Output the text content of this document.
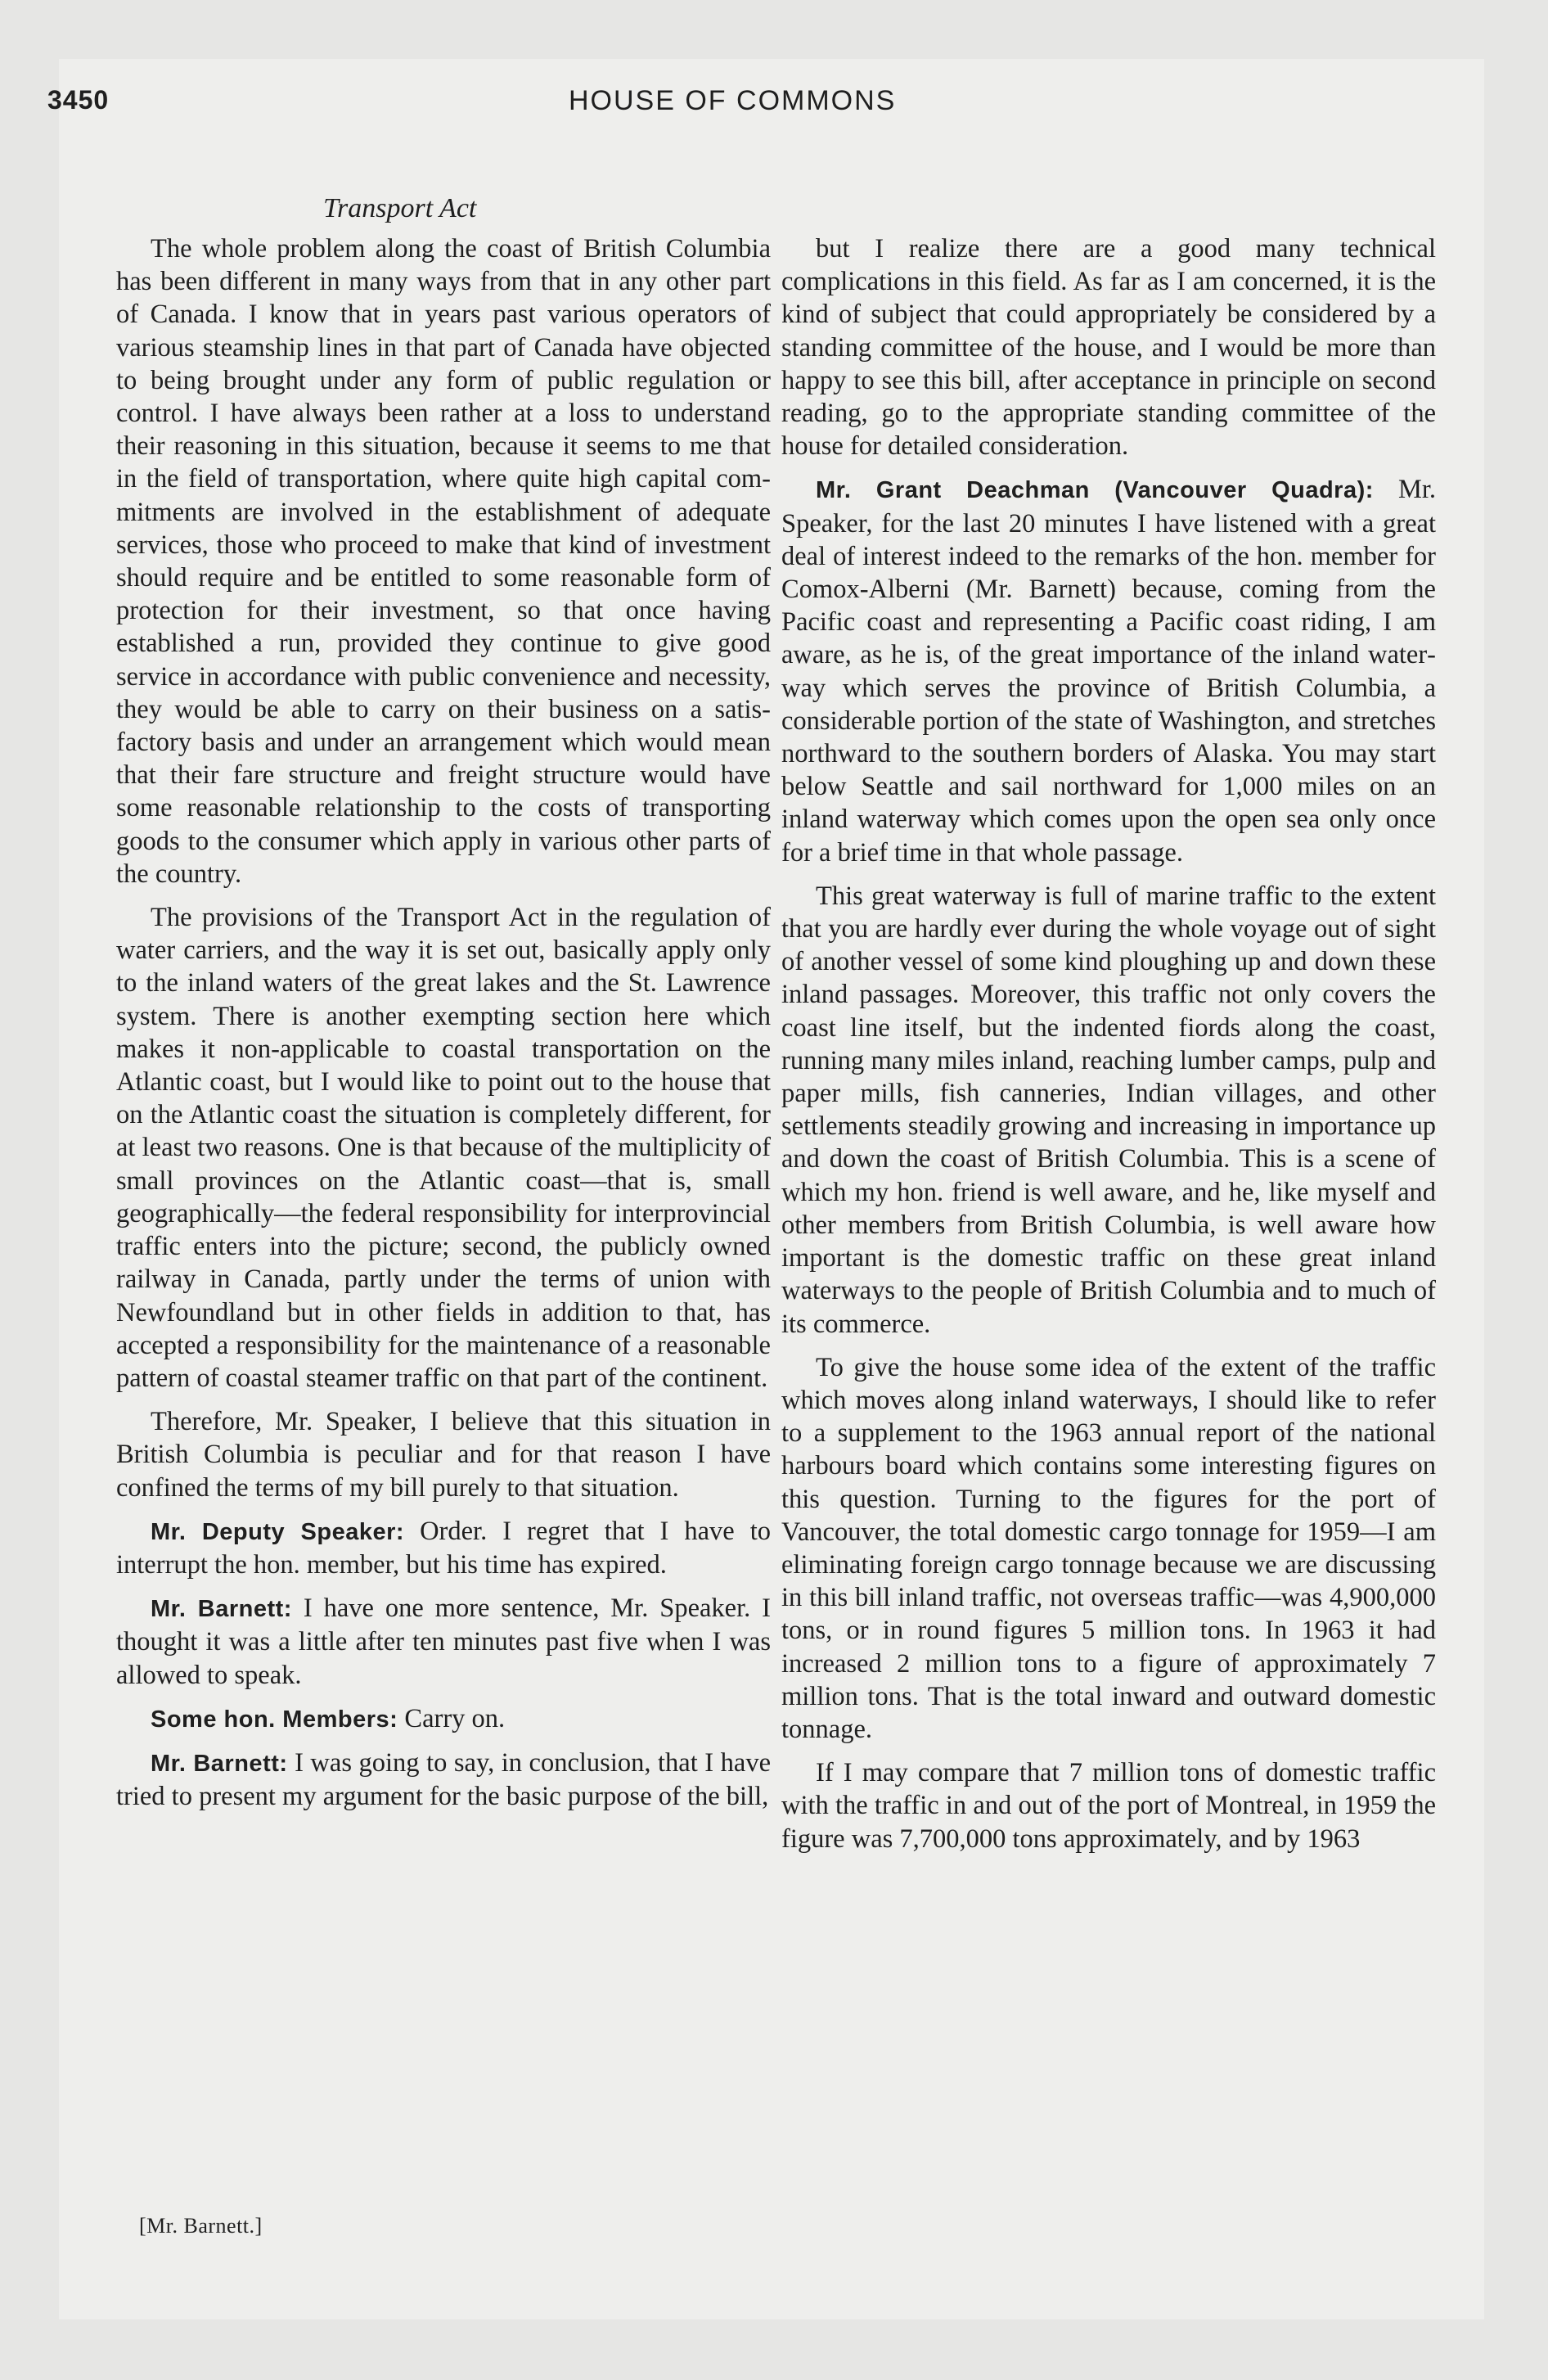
3450	HOUSE OF COMMONS
Transport Act

The whole problem along the coast of British Columbia has been different in many ways from that in any other part of Canada. I know that in years past various operators of various steamship lines in that part of Canada have objected to being brought under any form of public regulation or control. I have always been rather at a loss to understand their reasoning in this situation, because it seems to me that in the field of transportation, where quite high capital commitments are involved in the establishment of adequate services, those who proceed to make that kind of investment should require and be entitled to some reasonable form of protection for their investment, so that once having established a run, provided they continue to give good service in accordance with public convenience and necessity, they would be able to carry on their business on a satisfactory basis and under an arrangement which would mean that their fare structure and freight structure would have some reasonable relationship to the costs of transporting goods to the consumer which apply in various other parts of the country.

The provisions of the Transport Act in the regulation of water carriers, and the way it is set out, basically apply only to the inland waters of the great lakes and the St. Lawrence system. There is another exempting section here which makes it non-applicable to coastal transportation on the Atlantic coast, but I would like to point out to the house that on the Atlantic coast the situation is completely different, for at least two reasons. One is that because of the multiplicity of small provinces on the Atlantic coast—that is, small geographically—the federal responsibility for interprovincial traffic enters into the picture; second, the publicly owned railway in Canada, partly under the terms of union with Newfoundland but in other fields in addition to that, has accepted a responsibility for the maintenance of a reasonable pattern of coastal steamer traffic on that part of the continent.

Therefore, Mr. Speaker, I believe that this situation in British Columbia is peculiar and for that reason I have confined the terms of my bill purely to that situation.

Mr. Deputy Speaker: Order. I regret that I have to interrupt the hon. member, but his time has expired.

Mr. Barnett: I have one more sentence, Mr. Speaker. I thought it was a little after ten minutes past five when I was allowed to speak.

Some hon. Members: Carry on.

Mr. Barnett: I was going to say, in conclusion, that I have tried to present my argument for the basic purpose of the bill,

but I realize there are a good many technical complications in this field. As far as I am concerned, it is the kind of subject that could appropriately be considered by a standing committee of the house, and I would be more than happy to see this bill, after acceptance in principle on second reading, go to the appropriate standing committee of the house for detailed consideration.

Mr. Grant Deachman (Vancouver Quadra): Mr. Speaker, for the last 20 minutes I have listened with a great deal of interest indeed to the remarks of the hon. member for Comox-Alberni (Mr. Barnett) because, coming from the Pacific coast and representing a Pacific coast riding, I am aware, as he is, of the great importance of the inland waterway which serves the province of British Columbia, a considerable portion of the state of Washington, and stretches northward to the southern borders of Alaska. You may start below Seattle and sail northward for 1,000 miles on an inland waterway which comes upon the open sea only once for a brief time in that whole passage.

This great waterway is full of marine traffic to the extent that you are hardly ever during the whole voyage out of sight of another vessel of some kind ploughing up and down these inland passages. Moreover, this traffic not only covers the coast line itself, but the indented fiords along the coast, running many miles inland, reaching lumber camps, pulp and paper mills, fish canneries, Indian villages, and other settlements steadily growing and increasing in importance up and down the coast of British Columbia. This is a scene of which my hon. friend is well aware, and he, like myself and other members from British Columbia, is well aware how important is the domestic traffic on these great inland waterways to the people of British Columbia and to much of its commerce.

To give the house some idea of the extent of the traffic which moves along inland waterways, I should like to refer to a supplement to the 1963 annual report of the national harbours board which contains some interesting figures on this question. Turning to the figures for the port of Vancouver, the total domestic cargo tonnage for 1959—I am eliminating foreign cargo tonnage because we are discussing in this bill inland traffic, not overseas traffic—was 4,900,000 tons, or in round figures 5 million tons. In 1963 it had increased 2 million tons to a figure of approximately 7 million tons. That is the total inward and outward domestic tonnage.

If I may compare that 7 million tons of domestic traffic with the traffic in and out of the port of Montreal, in 1959 the figure was 7,700,000 tons approximately, and by 1963

[Mr. Barnett.]
